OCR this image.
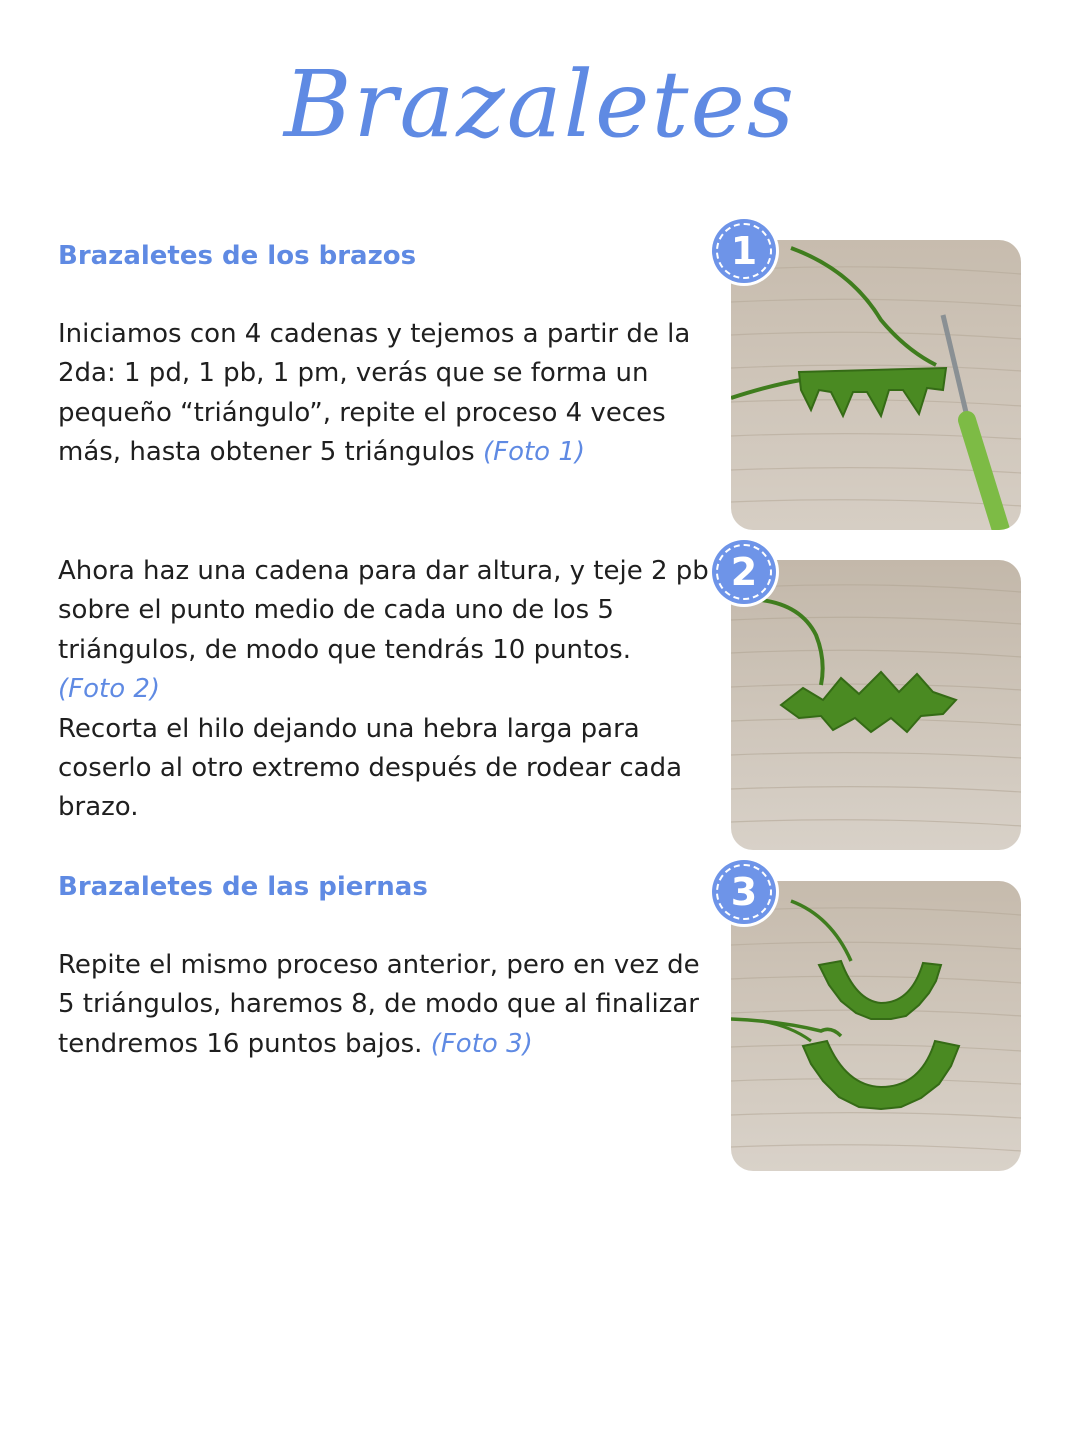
Brazaletes
Brazaletes de los brazos
Iniciamos con 4 cadenas y tejemos a partir de la 2da: 1 pd, 1 pb, 1 pm, verás que se forma un pequeño “triángulo”, repite el proceso 4 veces más, hasta obtener 5 triángulos (Foto 1)
Ahora haz una cadena para dar altura, y teje 2 pb sobre el punto medio de cada uno de los 5 triángulos, de modo que tendrás 10 puntos.
(Foto 2)
Recorta el hilo dejando una hebra larga para coserlo al otro extremo después de rodear cada brazo.
Brazaletes de las piernas
Repite el mismo proceso anterior, pero en vez de 5 triángulos, haremos 8, de modo que al finalizar tendremos 16 puntos bajos. (Foto 3)
1
2
3
